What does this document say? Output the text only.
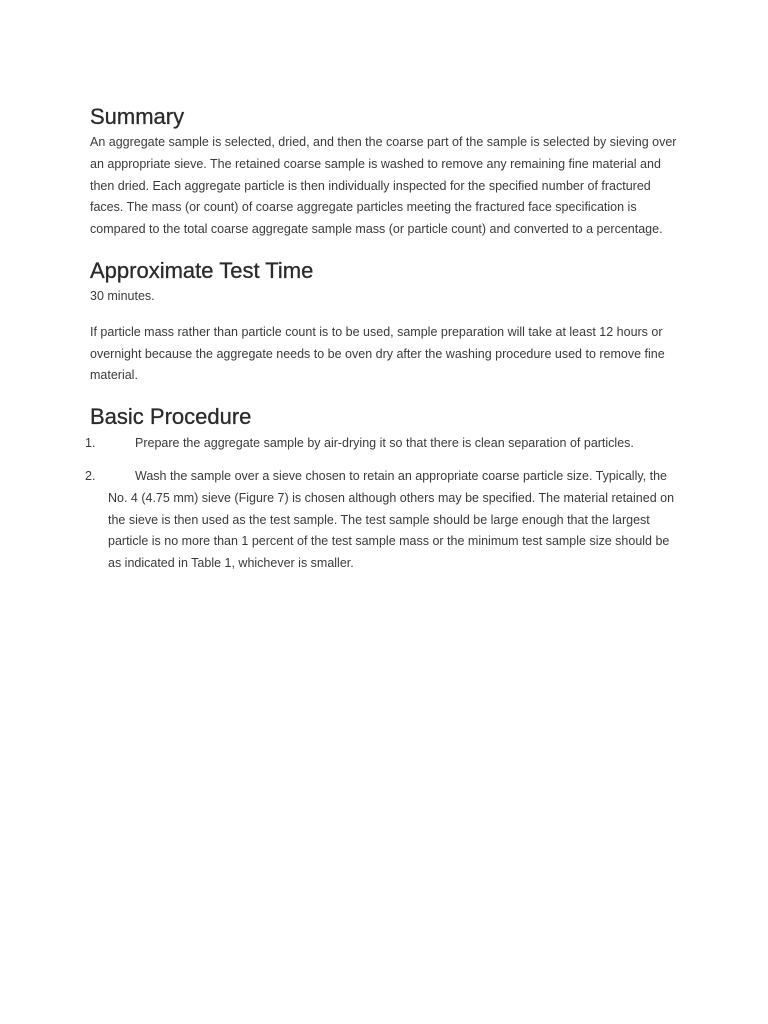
Summary

An aggregate sample is selected, dried, and then the coarse part of the sample is selected by sieving over an appropriate sieve. The retained coarse sample is washed to remove any remaining fine material and then dried. Each aggregate particle is then individually inspected for the specified number of fractured faces. The mass (or count) of coarse aggregate particles meeting the fractured face specification is compared to the total coarse aggregate sample mass (or particle count) and converted to a percentage.

Approximate Test Time

30 minutes.

If particle mass rather than particle count is to be used, sample preparation will take at least 12 hours or overnight because the aggregate needs to be oven dry after the washing procedure used to remove fine material.

Basic Procedure
1.	Prepare the aggregate sample by air-drying it so that there is clean separation of particles.
2.	Wash the sample over a sieve chosen to retain an appropriate coarse particle size. Typically, the No. 4 (4.75 mm) sieve (Figure 7) is chosen although others may be specified. The material retained on the sieve is then used as the test sample. The test sample should be large enough that the largest particle is no more than 1 percent of the test sample mass or the minimum test sample size should be as indicated in Table 1, whichever is smaller.
